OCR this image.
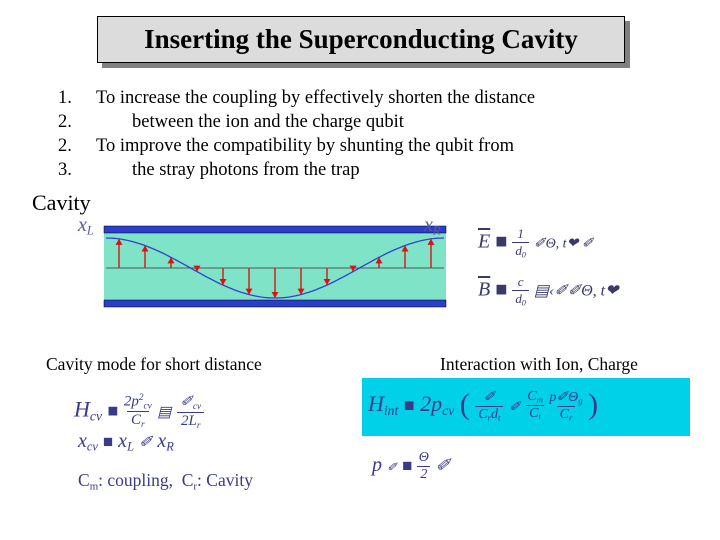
Inserting the Superconducting Cavity
1.	To increase the coupling by effectively shorten the distance
2.	between the ion and the charge qubit
2.	To improve the compatibility by shunting the qubit from
3.	the stray photons from the trap
Cavity
$x_L$	$x_R$ $\overline{E}$ ■ $\frac{1}{d_0}$ ✐Θ, t❤ ✐
$\overline{B}$ ■ $\frac{c}{d_0}$ ▤‹✐✐Θ, t❤
Cavity mode for short distance	Interaction with Ion, Charge
$H_{cv}$ ■ $\frac{2p^2_{cv}}{C_r}$ ▤ $\frac{✐_{cv}}{2L_r}$
$x_{cv}$ ■ $x_L$ ✐ $x_R$
$H_{int}$ ■ $2p_{cv}$ ( ✐
$C_rd_t$
✐ $\frac{C_m}{C_t}$
$\frac{p✐\Theta_g}{C_r}$ )
p ✐ ■ $\frac{\Theta}{2}$ ✐
$C_m$: coupling, $C_r$: Cavity
